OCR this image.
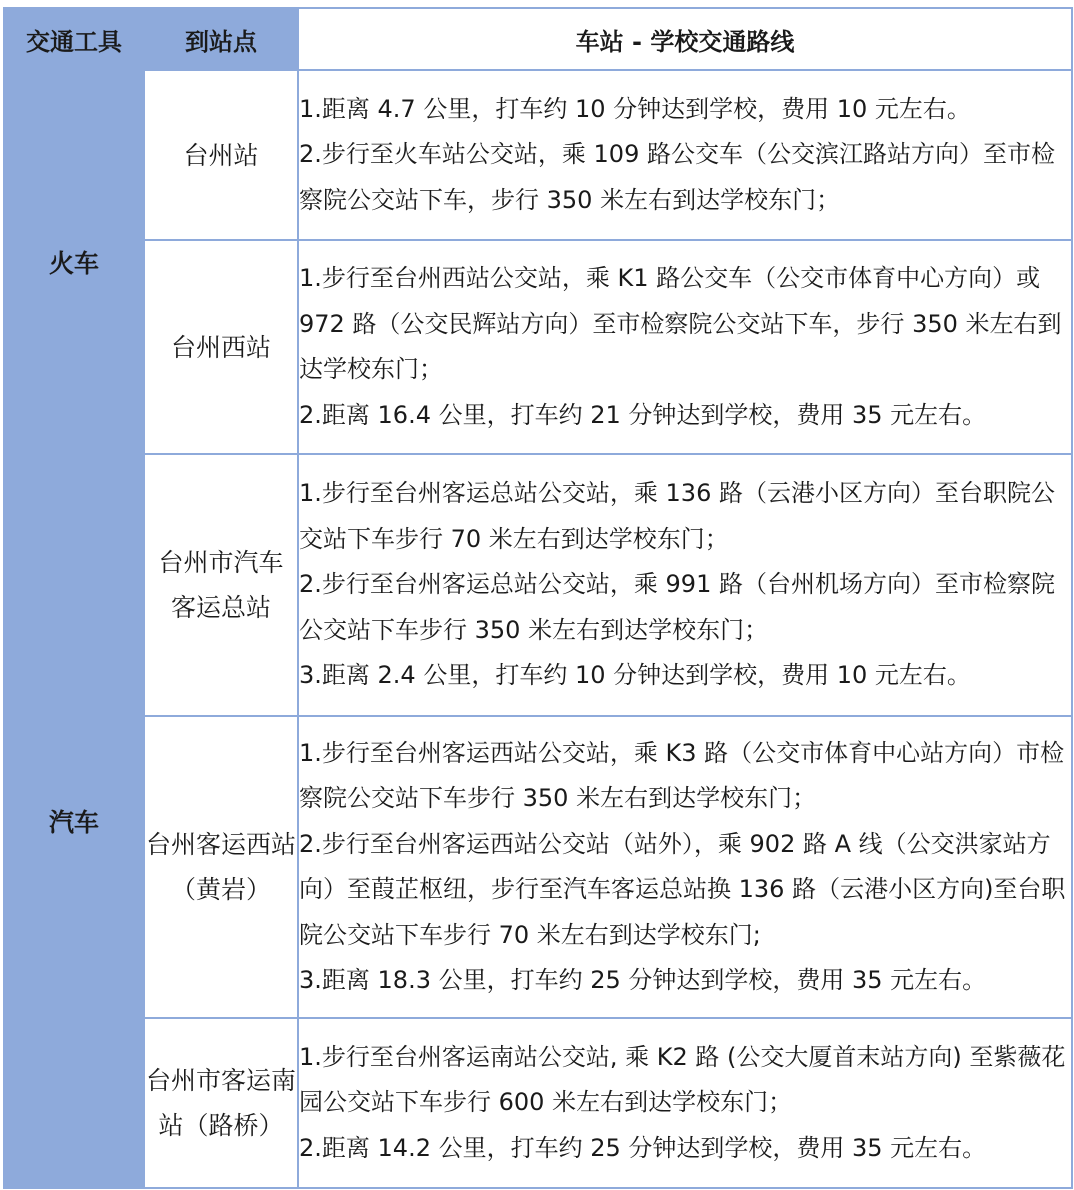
交通工具	到站点	车站 - 学校交通路线
火车	台州站	1.距离 4.7 公里，打车约 10 分钟达到学校，费用 10 元左右。
2.步行至火车站公交站，乘 109 路公交车（公交滨江路站方向）至市检察院公交站下车，步行 350 米左右到达学校东门；

	台州西站	1.步行至台州西站公交站，乘 K1 路公交车（公交市体育中心方向）或 972 路（公交民辉站方向）至市检察院公交站下车，步行 350 米左右到达学校东门；
2.距离 16.4 公里，打车约 21 分钟达到学校，费用 35 元左右。

汽车	台州市汽车客运总站	1.步行至台州客运总站公交站，乘 136 路（云港小区方向）至台职院公交站下车步行 70 米左右到达学校东门；
2.步行至台州客运总站公交站，乘 991 路（台州机场方向）至市检察院公交站下车步行 350 米左右到达学校东门；
3.距离 2.4 公里，打车约 10 分钟达到学校，费用 10 元左右。

	台州客运西站（黄岩）	1.步行至台州客运西站公交站，乘 K3 路（公交市体育中心站方向）市检察院公交站下车步行 350 米左右到达学校东门；
2.步行至台州客运西站公交站（站外），乘 902 路 A 线（公交洪家站方向）至葭芷枢纽，步行至汽车客运总站换 136 路（云港小区方向)至台职院公交站下车步行 70 米左右到达学校东门;
3.距离 18.3 公里，打车约 25 分钟达到学校，费用 35 元左右。

	台州市客运南站（路桥）	1.步行至台州客运南站公交站, 乘 K2 路 (公交大厦首末站方向) 至紫薇花园公交站下车步行 600 米左右到达学校东门；
2.距离 14.2 公里，打车约 25 分钟达到学校，费用 35 元左右。
